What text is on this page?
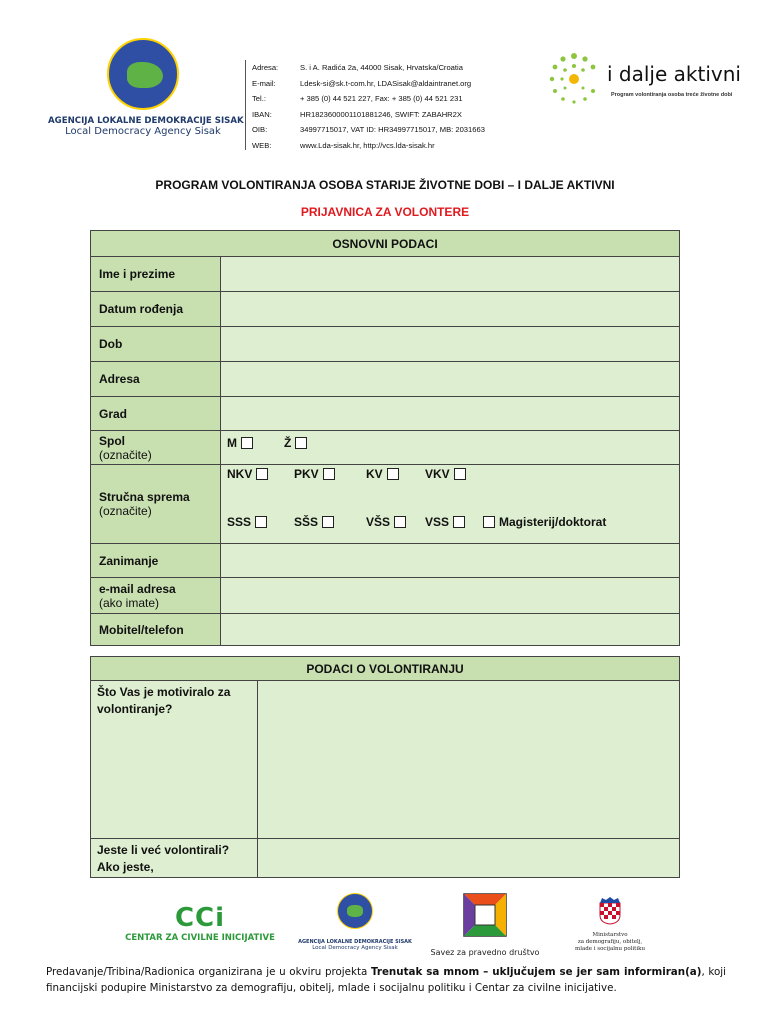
AGENCIJA LOKALNE DEMOKRACIJE SISAK
Local Democracy Agency Sisak
Adresa:	S. i A. Radića 2a, 44000 Sisak, Hrvatska/Croatia
E-mail:	Ldesk-si@sk.t-com.hr, LDASisak@aldaintranet.org
Tel.:	+ 385 (0) 44 521 227, Fax: + 385 (0) 44 521 231
IBAN:	HR1823600001101881246, SWIFT: ZABAHR2X
OIB:	34997715017, VAT ID: HR34997715017, MB: 2031663
WEB:	www.Lda-sisak.hr, http://vcs.lda-sisak.hr
i dalje aktivni
Program volontiranja osoba treće životne dobi
PROGRAM VOLONTIRANJA OSOBA STARIJE ŽIVOTNE DOBI – I DALJE AKTIVNI
PRIJAVNICA ZA VOLONTERE
OSNOVNI PODACI
Ime i prezime
Datum rođenja
Dob
Adresa
Grad
Spol
(označite)
M	Ž
Stručna sprema
(označite)
NKV	PKV	KV	VKV
SSS	SŠS	VŠS	VSS	Magisterij/doktorat
Zanimanje
e-mail adresa
(ako imate)
Mobitel/telefon
PODACI O VOLONTIRANJU
Što Vas je motiviralo za volontiranje?
Jeste li već volontirali? Ako jeste,
CCi
CENTAR ZA CIVILNE INICIJATIVE	AGENCIJA LOKALNE DEMOKRACIJE SISAK
Local Democracy Agency Sisak	Savez za pravedno društvo
Ministarstvo
za demografiju, obitelj,
mlade i socijalnu politiku
Predavanje/Tribina/Radionica organizirana je u okviru projekta Trenutak sa mnom – uključujem se jer sam informiran(a), koji financijski podupire Ministarstvo za demografiju, obitelj, mlade i socijalnu politiku i Centar za civilne inicijative.
